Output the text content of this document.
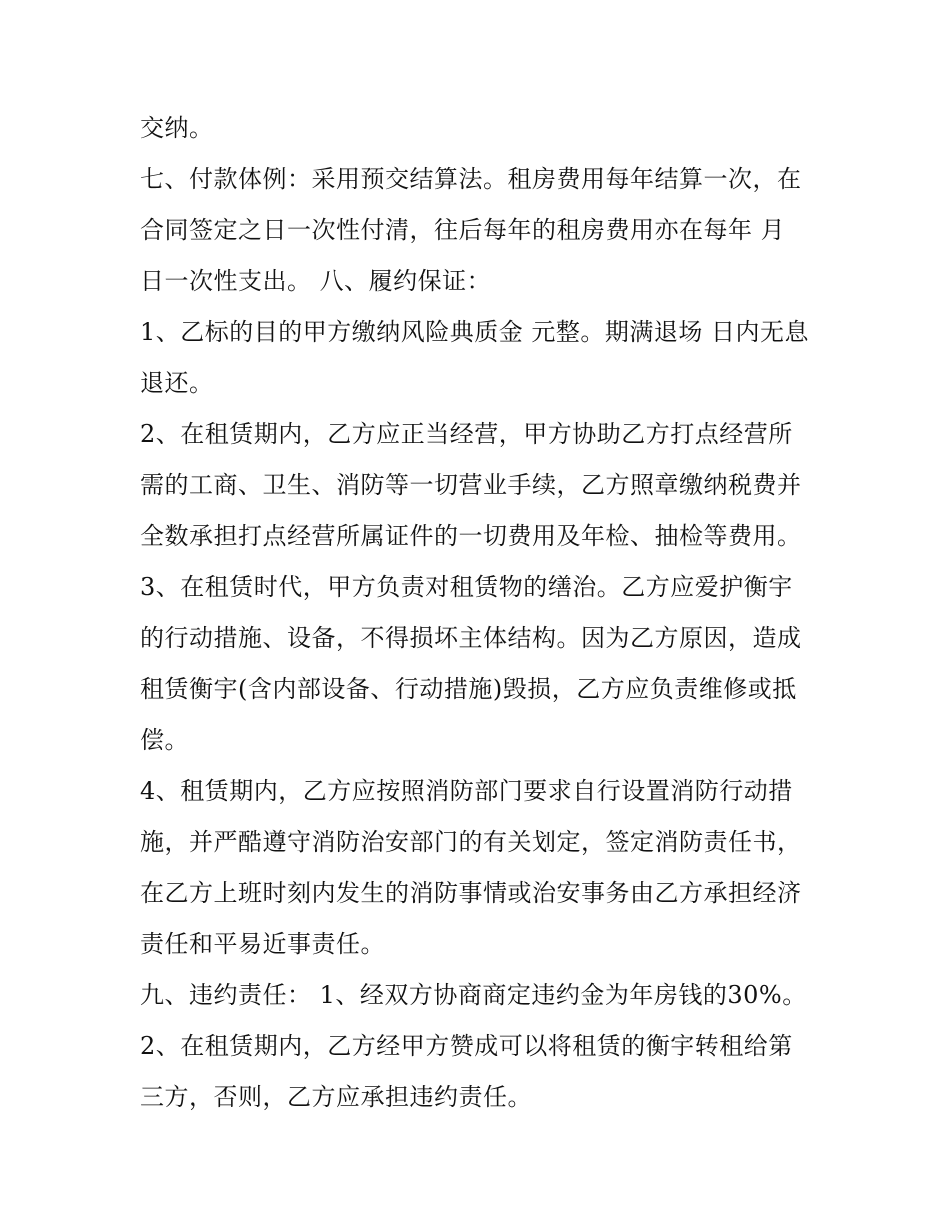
交纳。
七、付款体例：采用预交结算法。租房费用每年结算一次，在
合同签定之日一次性付清，往后每年的租房费用亦在每年 月
日一次性支出。 八、履约保证：
1、乙标的目的甲方缴纳风险典质金 元整。期满退场 日内无息
退还。
2、在租赁期内，乙方应正当经营，甲方协助乙方打点经营所
需的工商、卫生、消防等一切营业手续，乙方照章缴纳税费并
全数承担打点经营所属证件的一切费用及年检、抽检等费用。
3、在租赁时代，甲方负责对租赁物的缮治。乙方应爱护衡宇
的行动措施、设备，不得损坏主体结构。因为乙方原因，造成
租赁衡宇(含内部设备、行动措施)毁损，乙方应负责维修或抵
偿。
4、租赁期内，乙方应按照消防部门要求自行设置消防行动措
施，并严酷遵守消防治安部门的有关划定，签定消防责任书，
在乙方上班时刻内发生的消防事情或治安事务由乙方承担经济
责任和平易近事责任。
九、违约责任： 1、经双方协商商定违约金为年房钱的30%。
2、在租赁期内，乙方经甲方赞成可以将租赁的衡宇转租给第
三方，否则，乙方应承担违约责任。
